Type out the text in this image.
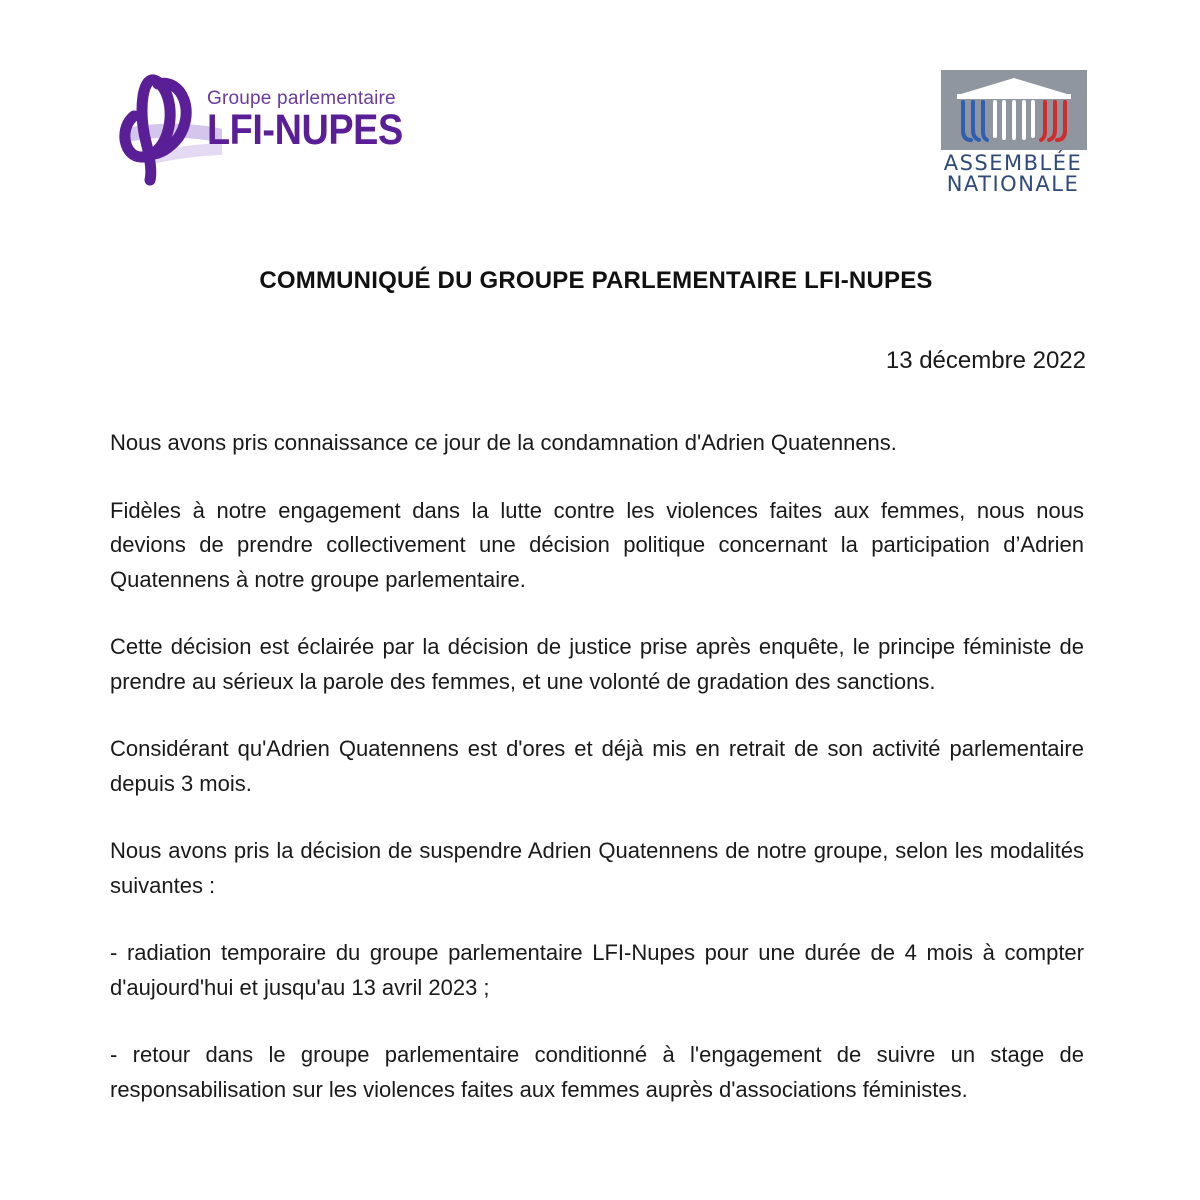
Groupe parlementaire
LFI-NUPES
ASSEMBLÉE
NATIONALE
COMMUNIQUÉ DU GROUPE PARLEMENTAIRE LFI-NUPES
13 décembre 2022

Nous avons pris connaissance ce jour de la condamnation d'Adrien Quatennens.

Fidèles à notre engagement dans la lutte contre les violences faites aux femmes, nous nous devions de prendre collectivement une décision politique concernant la participation d’Adrien Quatennens à notre groupe parlementaire.

Cette décision est éclairée par la décision de justice prise après enquête, le principe féministe de prendre au sérieux la parole des femmes, et une volonté de gradation des sanctions.

Considérant qu'Adrien Quatennens est d'ores et déjà mis en retrait de son activité parlementaire depuis 3 mois.

Nous avons pris la décision de suspendre Adrien Quatennens de notre groupe, selon les modalités suivantes :

- radiation temporaire du groupe parlementaire LFI-Nupes pour une durée de 4 mois à compter d'aujourd'hui et jusqu'au 13 avril 2023 ;

- retour dans le groupe parlementaire conditionné à l'engagement de suivre un stage de responsabilisation sur les violences faites aux femmes auprès d'associations féministes.
